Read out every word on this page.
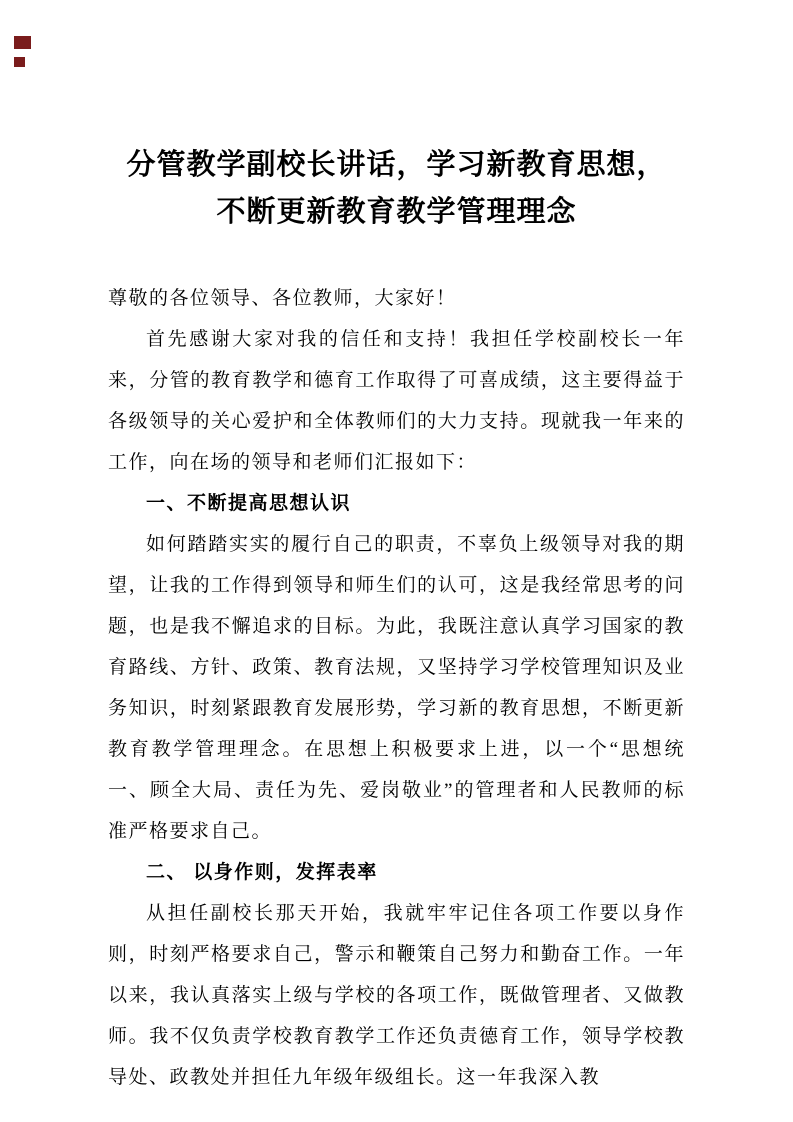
分管教学副校长讲话，学习新教育思想，
不断更新教育教学管理理念

尊敬的各位领导、各位教师，大家好！

首先感谢大家对我的信任和支持！我担任学校副校长一年来，分管的教育教学和德育工作取得了可喜成绩，这主要得益于各级领导的关心爱护和全体教师们的大力支持。现就我一年来的工作，向在场的领导和老师们汇报如下：

一、不断提高思想认识

如何踏踏实实的履行自己的职责，不辜负上级领导对我的期望，让我的工作得到领导和师生们的认可，这是我经常思考的问题，也是我不懈追求的目标。为此，我既注意认真学习国家的教育路线、方针、政策、教育法规，又坚持学习学校管理知识及业务知识，时刻紧跟教育发展形势，学习新的教育思想，不断更新教育教学管理理念。在思想上积极要求上进，以一个“思想统一、顾全大局、责任为先、爱岗敬业”的管理者和人民教师的标准严格要求自己。

二、 以身作则，发挥表率

从担任副校长那天开始，我就牢牢记住各项工作要以身作则，时刻严格要求自己，警示和鞭策自己努力和勤奋工作。一年以来，我认真落实上级与学校的各项工作，既做管理者、又做教师。我不仅负责学校教育教学工作还负责德育工作，领导学校教导处、政教处并担任九年级年级组长。这一年我深入教
